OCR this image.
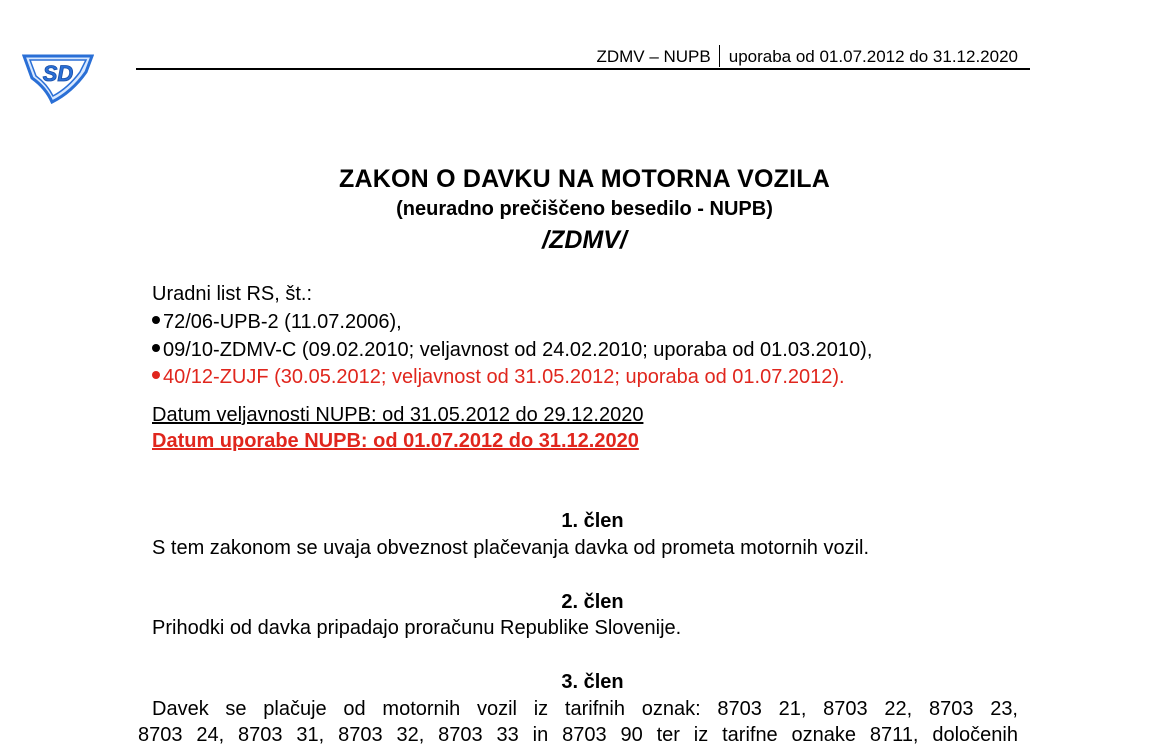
SD
ZDMV – NUPB uporaba od 01.07.2012 do 31.12.2020
ZAKON O DAVKU NA MOTORNA VOZILA
(neuradno prečiščeno besedilo - NUPB)
/ZDMV/
Uradni list RS, št.:
72/06-UPB-2 (11.07.2006),
09/10-ZDMV-C (09.02.2010; veljavnost od 24.02.2010; uporaba od 01.03.2010),
40/12-ZUJF (30.05.2012; veljavnost od 31.05.2012; uporaba od 01.07.2012).
Datum veljavnosti NUPB: od 31.05.2012 do 29.12.2020
Datum uporabe NUPB: od 01.07.2012 do 31.12.2020
1. člen
S tem zakonom se uvaja obveznost plačevanja davka od prometa motornih vozil.
2. člen
Prihodki od davka pripadajo proračunu Republike Slovenije.
3. člen
Davek se plačuje od motornih vozil iz tarifnih oznak: 8703 21, 8703 22, 8703 23,
8703 24, 8703 31, 8703 32, 8703 33 in 8703 90 ter iz tarifne oznake 8711, določenih
